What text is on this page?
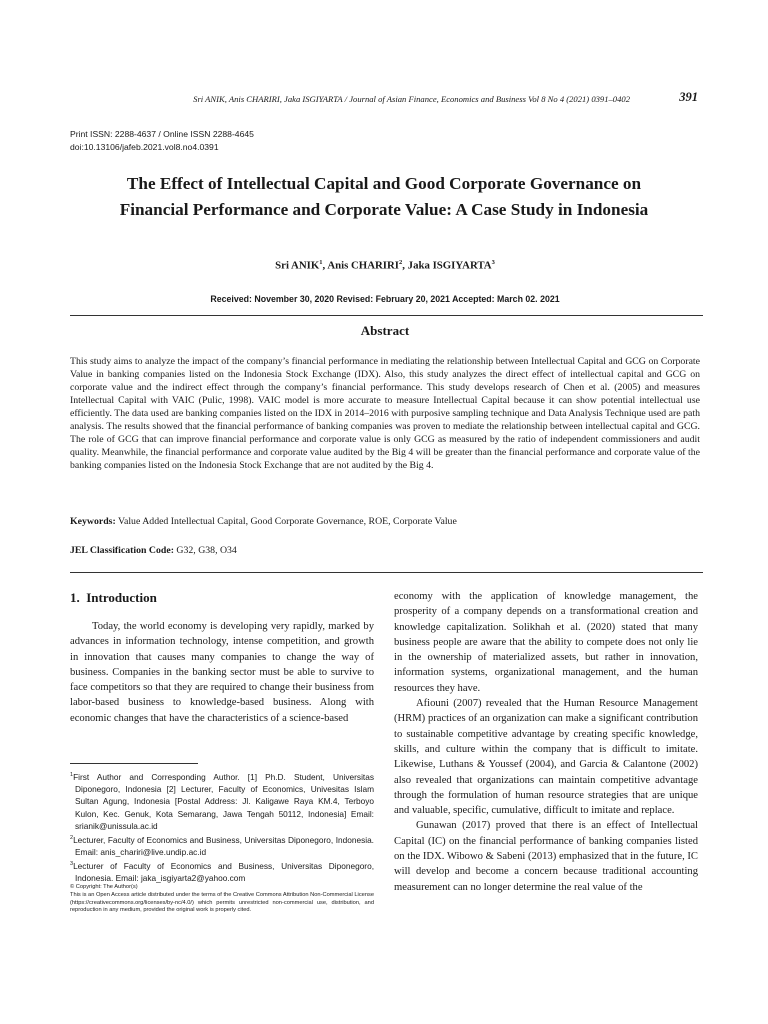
Sri ANIK, Anis CHARIRI, Jaka ISGIYARTA / Journal of Asian Finance, Economics and Business Vol 8 No 4 (2021) 0391–0402	391
Print ISSN: 2288-4637 / Online ISSN 2288-4645
doi:10.13106/jafeb.2021.vol8.no4.0391
The Effect of Intellectual Capital and Good Corporate Governance on
Financial Performance and Corporate Value: A Case Study in Indonesia
Sri ANIK$^1$, Anis CHARIRI$^2$, Jaka ISGIYARTA$^3$
Received: November 30, 2020 Revised: February 20, 2021 Accepted: March 02. 2021
Abstract

This study aims to analyze the impact of the company’s financial performance in mediating the relationship between Intellectual Capital and GCG on Corporate Value in banking companies listed on the Indonesia Stock Exchange (IDX). Also, this study analyzes the direct effect of intellectual capital and GCG on corporate value and the indirect effect through the company’s financial performance. This study develops research of Chen et al. (2005) and measures Intellectual Capital with VAIC (Pulic, 1998). VAIC model is more accurate to measure Intellectual Capital because it can show potential intellectual use efficiently. The data used are banking companies listed on the IDX in 2014–2016 with purposive sampling technique and Data Analysis Technique used are path analysis. The results showed that the financial performance of banking companies was proven to mediate the relationship between intellectual capital and GCG. The role of GCG that can improve financial performance and corporate value is only GCG as measured by the ratio of independent commissioners and audit quality. Meanwhile, the financial performance and corporate value audited by the Big 4 will be greater than the financial performance and corporate value of the banking companies listed on the Indonesia Stock Exchange that are not audited by the Big 4.

Keywords: Value Added Intellectual Capital, Good Corporate Governance, ROE, Corporate Value

JEL Classification Code: G32, G38, O34

1.  Introduction

Today, the world economy is developing very rapidly, marked by advances in information technology, intense competition, and growth in innovation that causes many companies to change the way of business. Companies in the banking sector must be able to survive to face competitors so that they are required to change their business from labor-based business to knowledge-based business. Along with economic changes that have the characteristics of a science-based

$^1$First Author and Corresponding Author. [1] Ph.D. Student, Universitas Diponegoro, Indonesia [2] Lecturer, Faculty of Economics, Univesitas Islam Sultan Agung, Indonesia [Postal Address: Jl. Kaligawe Raya KM.4, Terboyo Kulon, Kec. Genuk, Kota Semarang, Jawa Tengah 50112, Indonesia] Email: srianik@unissula.ac.id

$^2$Lecturer, Faculty of Economics and Business, Universitas Diponegoro, Indonesia. Email: anis_chariri@live.undip.ac.id

$^3$Lecturer of Faculty of Economics and Business, Universitas Diponegoro, Indonesia. Email: jaka_isgiyarta2@yahoo.com

© Copyright: The Author(s)

This is an Open Access article distributed under the terms of the Creative Commons Attribution Non-Commercial License (https://creativecommons.org/licenses/by-nc/4.0/) which permits unrestricted non-commercial use, distribution, and reproduction in any medium, provided the original work is properly cited.

economy with the application of knowledge management, the prosperity of a company depends on a transformational creation and knowledge capitalization. Solikhah et al. (2020) stated that many business people are aware that the ability to compete does not only lie in the ownership of materialized assets, but rather in innovation, information systems, organizational management, and the human resources they have.

Afiouni (2007) revealed that the Human Resource Management (HRM) practices of an organization can make a significant contribution to sustainable competitive advantage by creating specific knowledge, skills, and culture within the company that is difficult to imitate. Likewise, Luthans & Youssef (2004), and Garcia & Calantone (2002) also revealed that organizations can maintain competitive advantage through the formulation of human resource strategies that are unique and valuable, specific, cumulative, difficult to imitate and replace.

Gunawan (2017) proved that there is an effect of Intellectual Capital (IC) on the financial performance of banking companies listed on the IDX. Wibowo & Sabeni (2013) emphasized that in the future, IC will develop and become a concern because traditional accounting measurement can no longer determine the real value of the
